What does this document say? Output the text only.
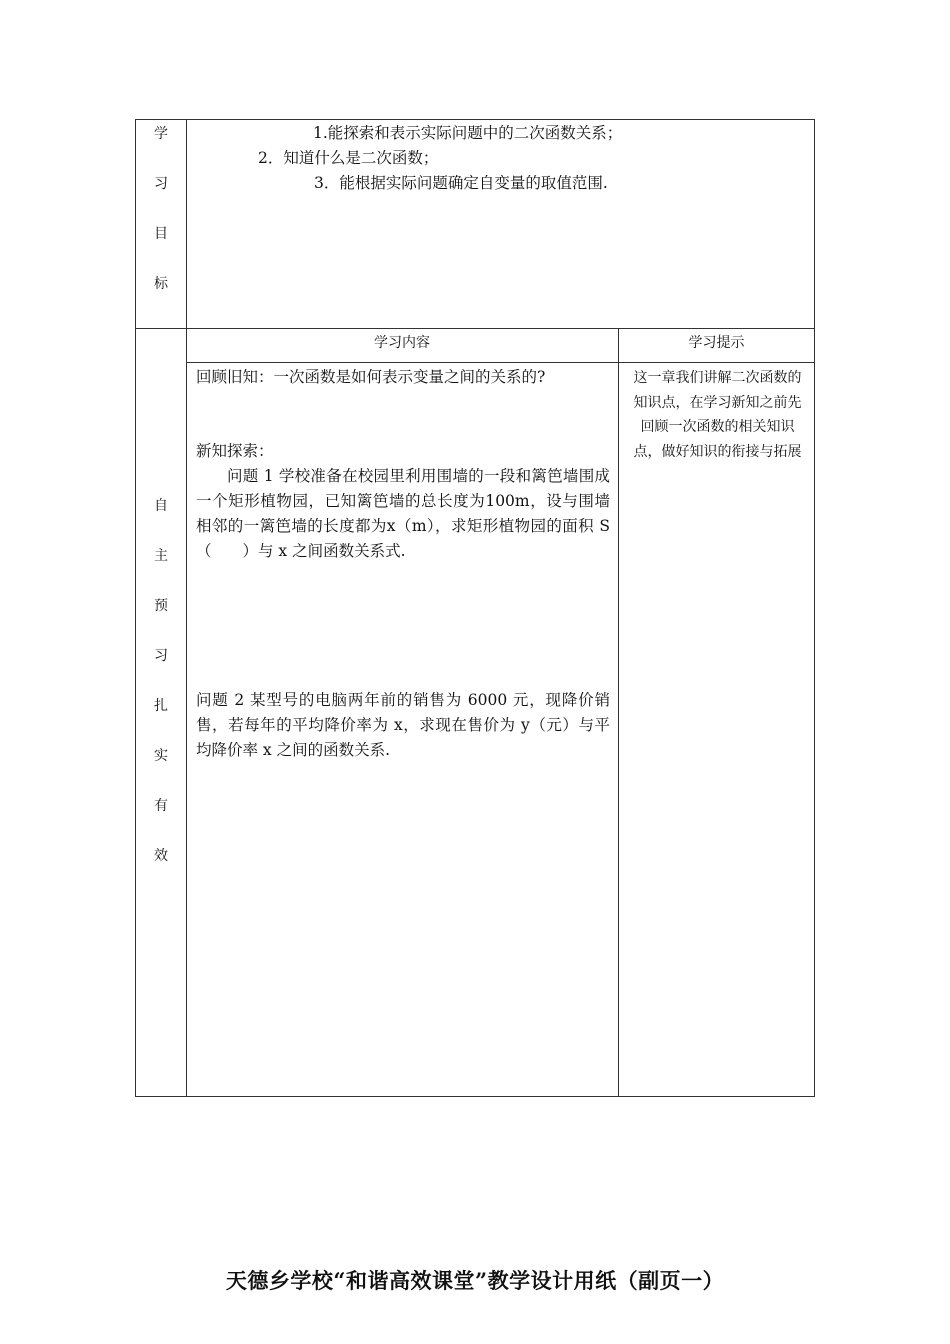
学
习
目
标
1.能探索和表示实际问题中的二次函数关系；
2．知道什么是二次函数；
3．能根据实际问题确定自变量的取值范围.
自
主
预
习
扎
实
有
效
学习内容	学习提示

回顾旧知：一次函数是如何表示变量之间的关系的?

新知探索：

问题 1 学校准备在校园里利用围墙的一段和篱笆墙围成一个矩形植物园，已知篱笆墙的总长度为100m，设与围墙相邻的一篱笆墙的长度都为x（m），求矩形植物园的面积 S（　　）与 x 之间函数关系式.

问题 2 某型号的电脑两年前的销售为 6000 元，现降价销售，若每年的平均降价率为 x，求现在售价为 y（元）与平均降价率 x 之间的函数关系.

这一章我们讲解二次函数的知识点，在学习新知之前先回顾一次函数的相关知识点，做好知识的衔接与拓展
天德乡学校“和谐高效课堂”教学设计用纸（副页一）
